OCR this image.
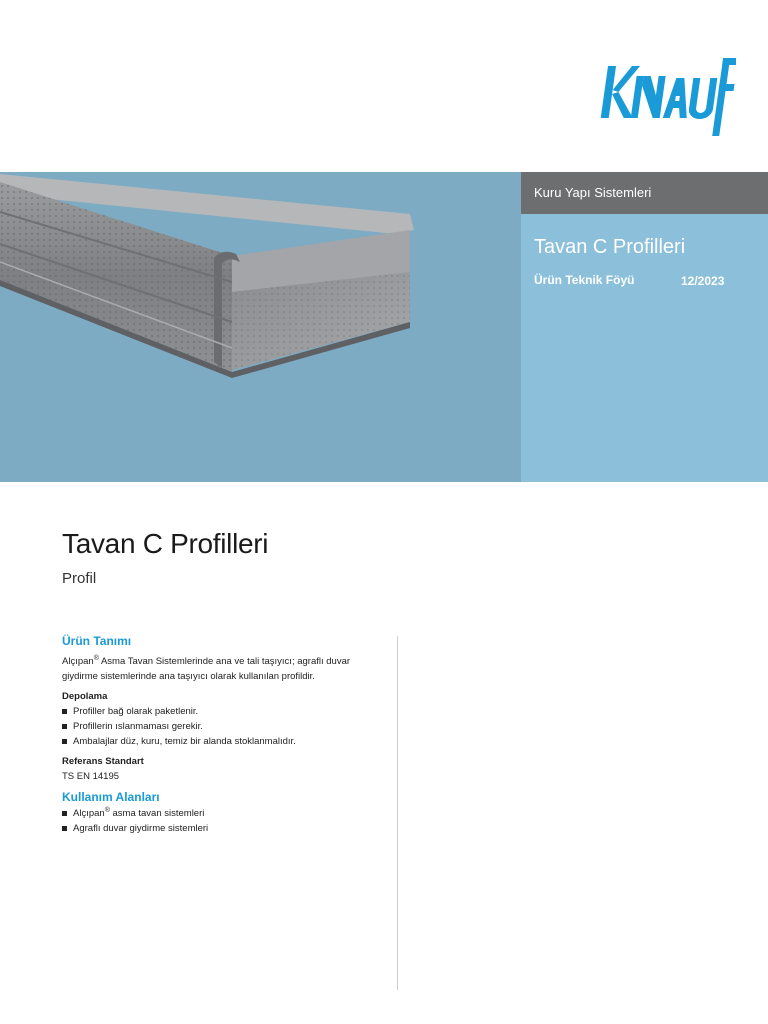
Kuru Yapı Sistemleri
Tavan C Profilleri
Ürün Teknik Föyü	12/2023
Tavan C Profilleri
Profil
Ürün Tanımı

Alçıpan® Asma Tavan Sistemlerinde ana ve tali taşıyıcı; agraflı duvar giydirme sistemlerinde ana taşıyıcı olarak kullanılan profildir.

Depolama
Profiller bağ olarak paketlenir.
Profillerin ıslanmaması gerekir.
Ambalajlar düz, kuru, temiz bir alanda stoklanmalıdır.
Referans Standart
TS EN 14195
Kullanım Alanları
Alçıpan® asma tavan sistemleri
Agraflı duvar giydirme sistemleri
